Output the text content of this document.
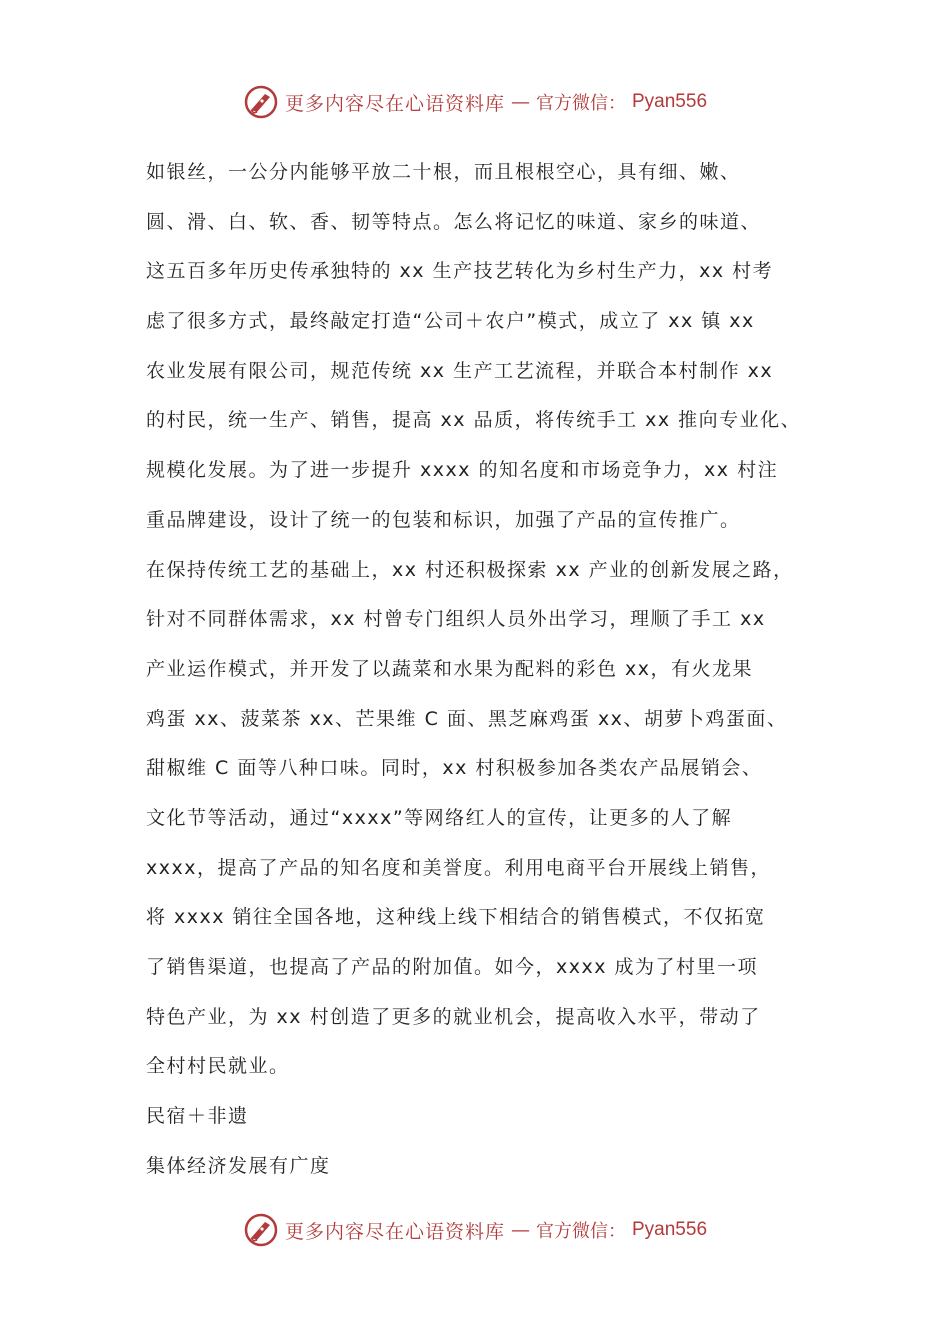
更多内容尽在心语资料库 — 官方微信： Pyan556
如银丝，一公分内能够平放二十根，而且根根空心，具有细、嫩、
圆、滑、白、软、香、韧等特点。怎么将记忆的味道、家乡的味道、
这五百多年历史传承独特的 xx 生产技艺转化为乡村生产力，xx 村考
虑了很多方式，最终敲定打造“公司＋农户”模式，成立了 xx 镇 xx
农业发展有限公司，规范传统 xx 生产工艺流程，并联合本村制作 xx
的村民，统一生产、销售，提高 xx 品质，将传统手工 xx 推向专业化、
规模化发展。为了进一步提升 xxxx 的知名度和市场竞争力，xx 村注
重品牌建设，设计了统一的包装和标识，加强了产品的宣传推广。
在保持传统工艺的基础上，xx 村还积极探索 xx 产业的创新发展之路，
针对不同群体需求，xx 村曾专门组织人员外出学习，理顺了手工 xx
产业运作模式，并开发了以蔬菜和水果为配料的彩色 xx，有火龙果
鸡蛋 xx、菠菜茶 xx、芒果维 C 面、黑芝麻鸡蛋 xx、胡萝卜鸡蛋面、
甜椒维 C 面等八种口味。同时，xx 村积极参加各类农产品展销会、
文化节等活动，通过“xxxx”等网络红人的宣传，让更多的人了解
xxxx，提高了产品的知名度和美誉度。利用电商平台开展线上销售，
将 xxxx 销往全国各地，这种线上线下相结合的销售模式，不仅拓宽
了销售渠道，也提高了产品的附加值。如今，xxxx 成为了村里一项
特色产业，为 xx 村创造了更多的就业机会，提高收入水平，带动了
全村村民就业。
民宿＋非遗
集体经济发展有广度
更多内容尽在心语资料库 — 官方微信： Pyan556
